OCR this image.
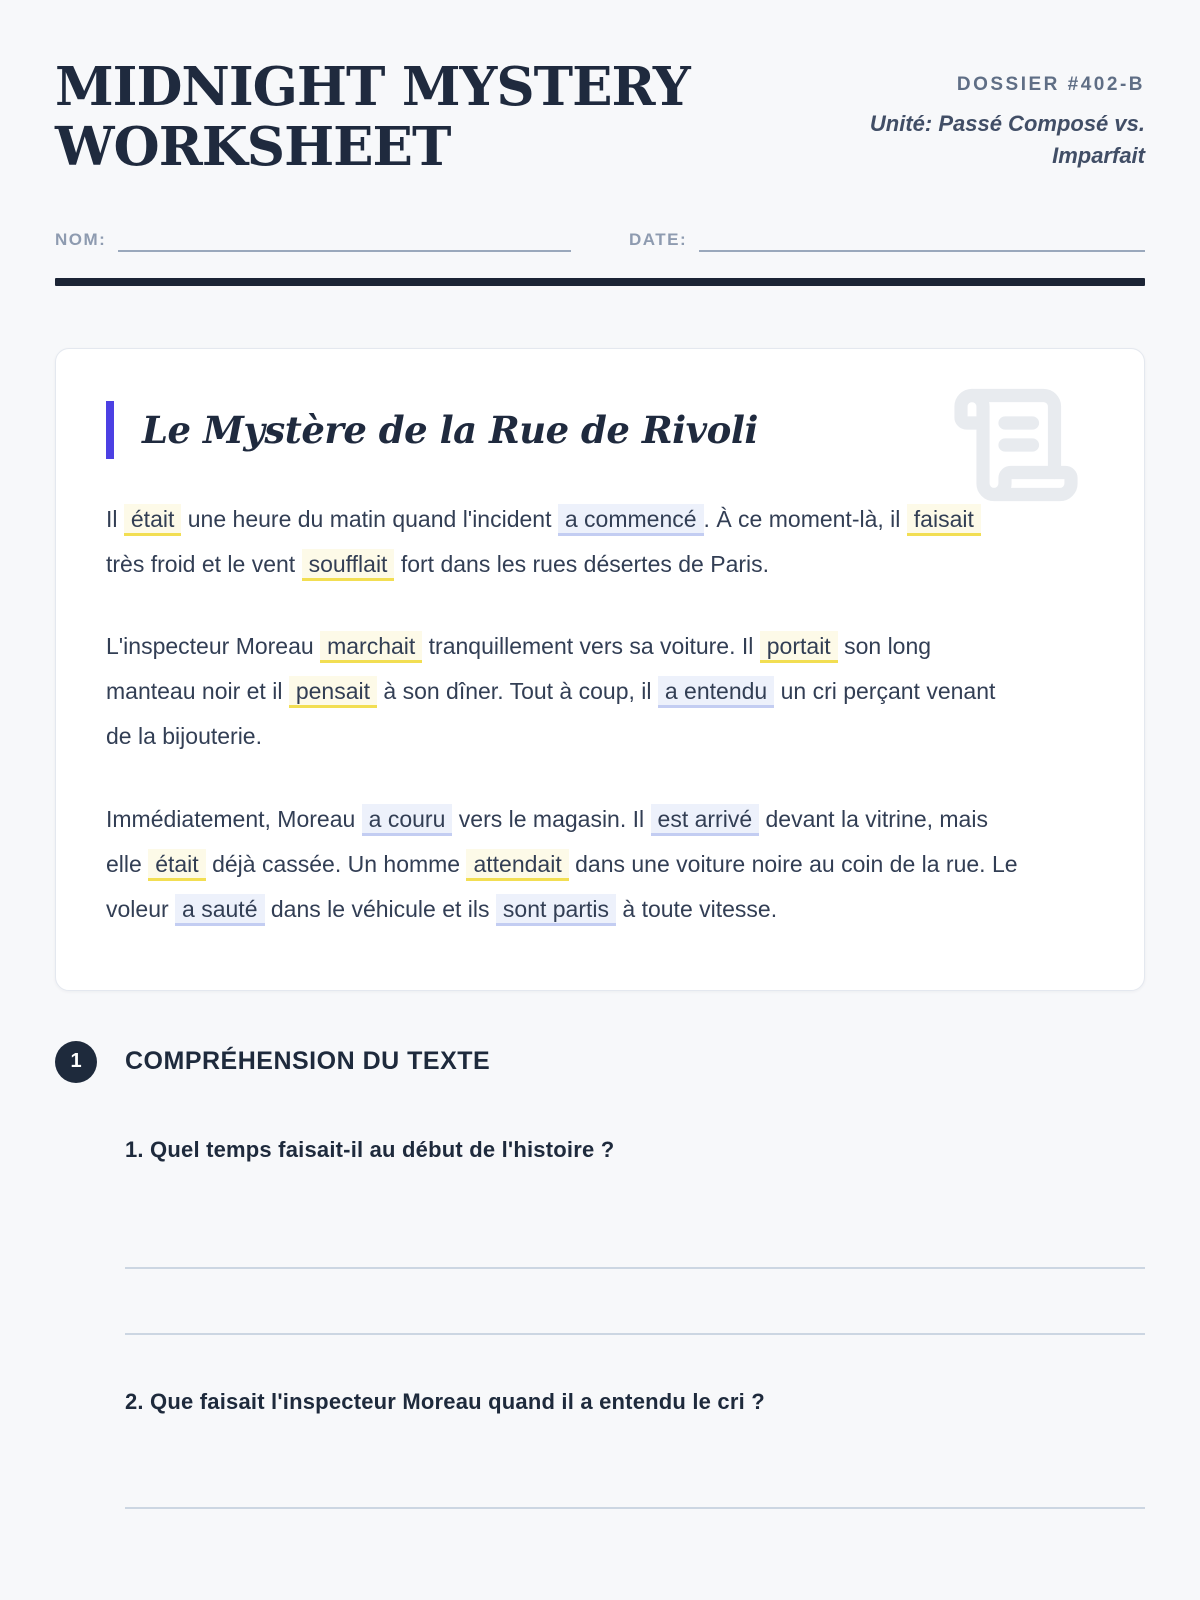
MIDNIGHT MYSTERY
WORKSHEET
DOSSIER #402-B
Unité: Passé Composé vs. Imparfait
NOM:	DATE:
Le Mystère de la Rue de Rivoli

Il était une heure du matin quand l'incident a commencé . À ce moment-là, il faisait très froid et le vent soufflait fort dans les rues désertes de Paris.

L'inspecteur Moreau marchait tranquillement vers sa voiture. Il portait son long manteau noir et il pensait à son dîner. Tout à coup, il a entendu un cri perçant venant de la bijouterie.

Immédiatement, Moreau a couru vers le magasin. Il est arrivé devant la vitrine, mais elle était déjà cassée. Un homme attendait dans une voiture noire au coin de la rue. Le voleur a sauté dans le véhicule et ils sont partis à toute vitesse.

1	COMPRÉHENSION DU TEXTE

1. Quel temps faisait-il au début de l'histoire ?

2. Que faisait l'inspecteur Moreau quand il a entendu le cri ?
